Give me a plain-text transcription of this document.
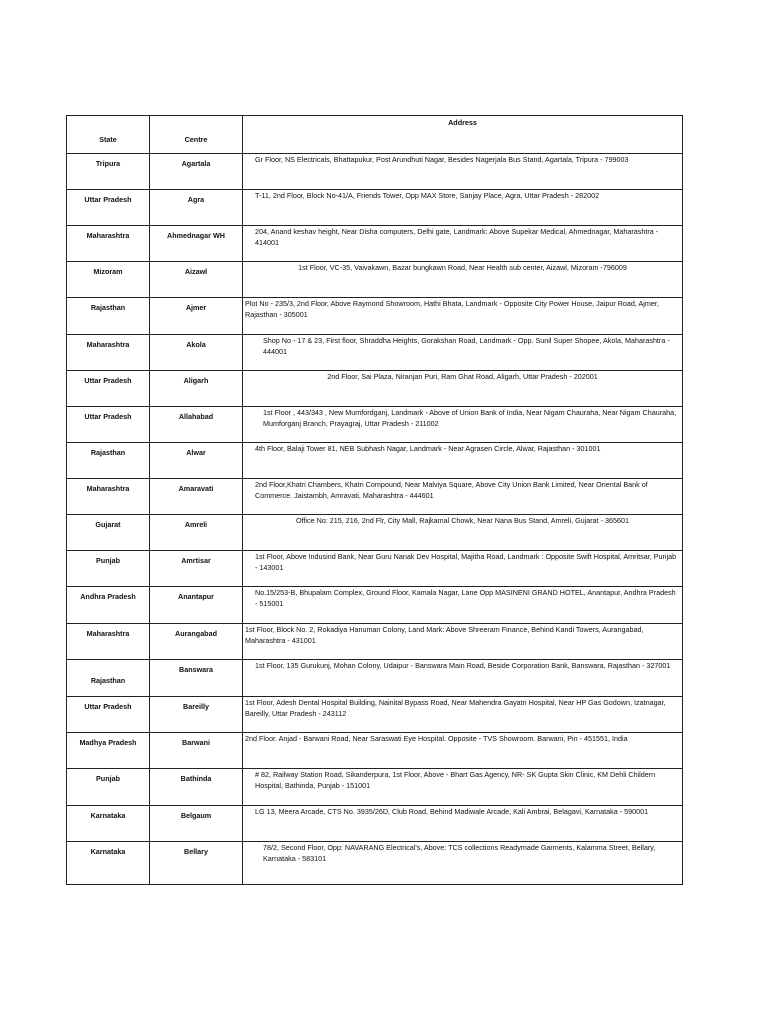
State	Centre	Address
Tripura	Agartala	Gr Floor, NS Electricals, Bhattapukur, Post Arundhuti Nagar, Besides Nagerjala Bus Stand, Agartala, Tripura - 799003
Uttar Pradesh	Agra	T-11, 2nd Floor, Block No-41/A, Friends Tower, Opp MAX Store, Sanjay Place, Agra, Uttar Pradesh - 282002
Maharashtra	Ahmednagar WH	204, Anand keshav height, Near Disha computers, Delhi gate, Landmark: Above Supekar Medical, Ahmednagar, Maharashtra - 414001
Mizoram	Aizawl	1st Floor, VC-35, Vaivakawn, Bazar bungkawn Road, Near Health sub center, Aizawl, Mizoram -796009
Rajasthan	Ajmer	Plot No - 235/3, 2nd Floor, Above Raymond Showroom, Hathi Bhata, Landmark - Opposite City Power House, Jaipur Road, Ajmer, Rajasthan - 305001
Maharashtra	Akola	Shop No - 17 & 23, First floor, Shraddha Heights, Gorakshan Road, Landmark - Opp. Sunil Super Shopee, Akola, Maharashtra - 444001
Uttar Pradesh	Aligarh	2nd Floor, Sai Plaza, Niranjan Puri, Ram Ghat Road, Aligarh, Uttar Pradesh - 202001
Uttar Pradesh	Allahabad	1st Floor , 443/343 , New Mumfordganj, Landmark - Above of Union Bank of India, Near Nigam Chauraha, Near Nigam Chauraha, Mumforganj Branch, Prayagraj, Uttar Pradesh - 211002
Rajasthan	Alwar	4th Floor, Balaji Tower 81, NEB Subhash Nagar, Landmark - Near Agrasen Circle, Alwar, Rajasthan - 301001
Maharashtra	Amaravati	2nd Floor,Khatri Chambers, Khatri Compound, Near Malviya Square, Above City Union Bank Limited, Near Oriental Bank of Commerce. Jaistambh, Amravati, Maharashtra - 444601
Gujarat	Amreli	Office No: 215, 216, 2nd Flr, City Mall, Rajkamal Chowk, Near Nana Bus Stand, Amreli, Gujarat - 365601
Punjab	Amrtisar	1st Floor, Above Indusind Bank, Near Guru Nanak Dev Hospital, Majitha Road, Landmark : Opposite Swift Hospital, Amritsar, Punjab - 143001
Andhra Pradesh	Anantapur	No.15/253-B, Bhupalam Complex, Ground Floor, Kamala Nagar, Lane Opp MASINENI GRAND HOTEL, Anantapur, Andhra Pradesh - 515001
Maharashtra	Aurangabad	1st Floor, Block No. 2, Rokadiya Hanuman Colony, Land Mark: Above Shreeram Finance, Behind Kandi Towers, Aurangabad, Maharashtra - 431001
Rajasthan	Banswara	1st Floor, 135 Gurukunj, Mohan Colony, Udaipur - Banswara Main Road, Beside Corporation Bank, Banswara, Rajasthan - 327001
Uttar Pradesh	Bareilly	1st Floor, Adesh Dental Hospital Building, Nainital Bypass Road, Near Mahendra Gayatri Hospital, Near HP Gas Godown, Izatnagar, Bareilly, Uttar Pradesh - 243112
Madhya Pradesh	Barwani	2nd Floor. Anjad - Barwani Road, Near Saraswati Eye Hospital. Opposite - TVS Showroom. Barwani, Pin - 451551, India
Punjab	Bathinda	# 82, Railway Station Road, Sikanderpura, 1st Floor, Above - Bhart Gas Agency, NR- SK Gupta Skin Clinic, KM Dehli Childern Hospital, Bathinda, Punjab - 151001
Karnataka	Belgaum	LG 13, Meera Arcade, CTS No. 3935/26D, Club Road, Behind Madiwale Arcade, Kali Ambrai, Belagavi, Karnataka - 590001
Karnataka	Bellary	78/2, Second Floor, Opp: NAVARANG Electrical's, Above: TCS collections Readymade Garments, Kalamma Street, Bellary, Karnataka - 583101
